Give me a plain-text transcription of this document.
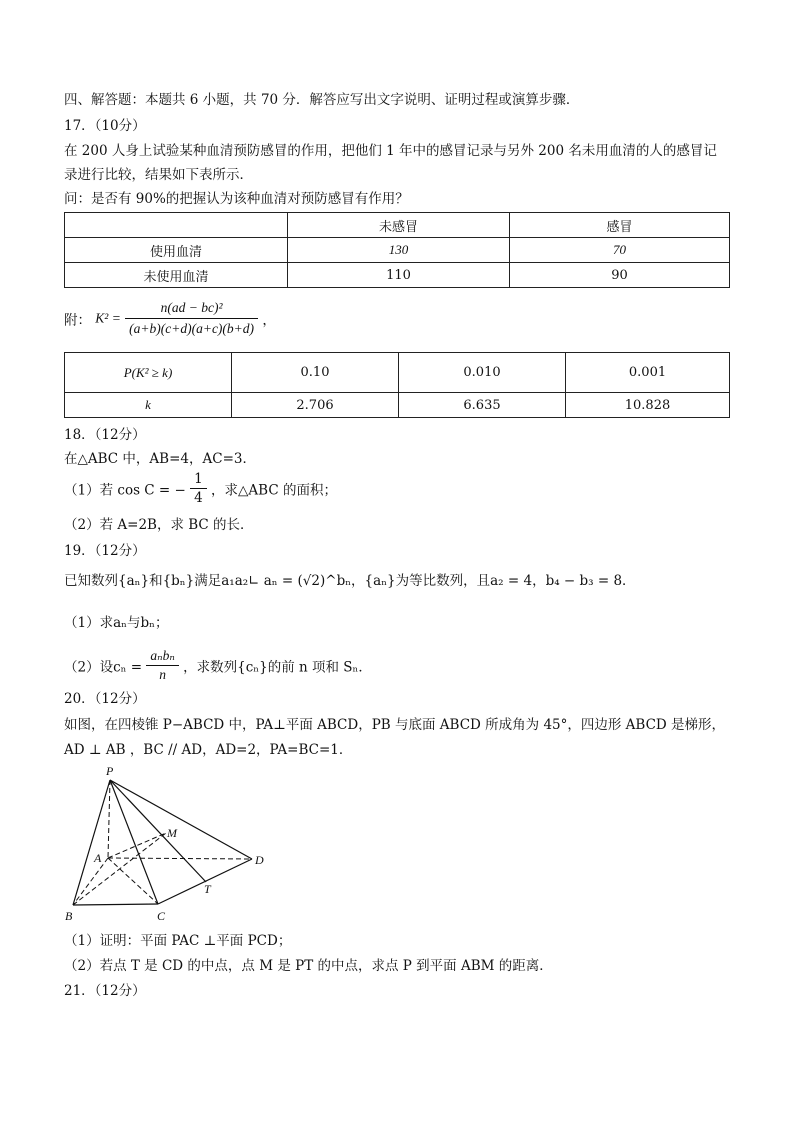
四、解答题：本题共 6 小题，共 70 分．解答应写出文字说明、证明过程或演算步骤．
17．（10分）
在 200 人身上试验某种血清预防感冒的作用，把他们 1 年中的感冒记录与另外 200 名未用血清的人的感冒记
录进行比较，结果如下表所示．
问：是否有 90%的把握认为该种血清对预防感冒有作用？
	未感冒	感冒
使用血清	130	70
未使用血清	110	90
附： $K^2 = \frac{\text{n(ad − bc)²}}{(a+b)(c+d)(a+c)(b+d)}$ ，
P(K² ≥ k)	0.10	0.010	0.001
k	2.706	6.635	10.828
18．（12分）
在△ABC 中，AB=4，AC=3．
（1）若 cos C = − $\frac{1}{4}$ ，求△ABC 的面积；
（2）若 A=2B，求 BC 的长．
19．（12分）
已知数列{aₙ}和{bₙ}满足a₁a₂∟ aₙ = (√2)^bₙ，{aₙ}为等比数列，且a₂ = 4，b₄ − b₃ = 8．
（1）求aₙ与bₙ；
（2）设$c_n = \frac{\text{aₙbₙ}}{n}$ ，求数列{cₙ}的前 n 项和 Sₙ．
20．（12分）
如图，在四棱锥 P−ABCD 中，PA⊥平面 ABCD，PB 与底面 ABCD 所成角为 45°，四边形 ABCD 是梯形，
AD ⊥ AB ，BC // AD，AD=2，PA=BC=1．
P
M
A	D
T
B	C
（1）证明：平面 PAC ⊥平面 PCD；
（2）若点 T 是 CD 的中点，点 M 是 PT 的中点，求点 P 到平面 ABM 的距离．
21．（12分）
